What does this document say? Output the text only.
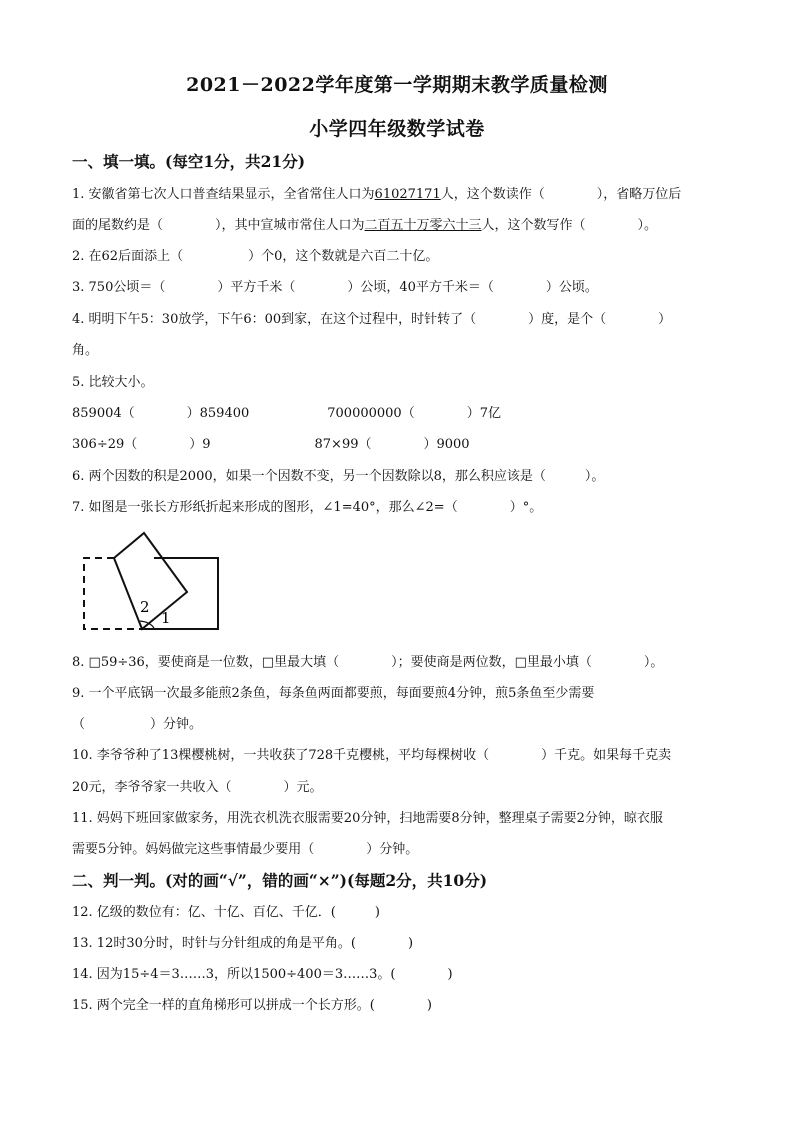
2021－2022学年度第一学期期末教学质量检测
小学四年级数学试卷
一、填一填。(每空1分，共21分)
1. 安徽省第七次人口普查结果显示，全省常住人口为61027171人，这个数读作（　　　　），省略万位后
面的尾数约是（　　　　），其中宣城市常住人口为二百五十万零六十三人，这个数写作（　　　　）。
2. 在62后面添上（　　　　　）个0，这个数就是六百二十亿。
3. 750公顷＝（　　　　）平方千米（　　　　）公顷，40平方千米＝（　　　　）公顷。
4. 明明下午5：30放学，下午6：00到家，在这个过程中，时针转了（　　　　）度，是个（　　　　）
角。
5. 比较大小。
859004（　　　　）859400　　　　　　700000000（　　　　）7亿
306÷29（　　　　）9　　　　　　　　87×99（　　　　）9000
6. 两个因数的积是2000，如果一个因数不变，另一个因数除以8，那么积应该是（　　　）。
7. 如图是一张长方形纸折起来形成的图形，∠1=40°，那么∠2=（　　　　）°。
2
1
8. □59÷36，要使商是一位数，□里最大填（　　　　）；要使商是两位数，□里最小填（　　　　）。
9. 一个平底锅一次最多能煎2条鱼，每条鱼两面都要煎，每面要煎4分钟，煎5条鱼至少需要
（　　　　　）分钟。
10. 李爷爷种了13棵樱桃树，一共收获了728千克樱桃，平均每棵树收（　　　　）千克。如果每千克卖
20元，李爷爷家一共收入（　　　　）元。
11. 妈妈下班回家做家务，用洗衣机洗衣服需要20分钟，扫地需要8分钟，整理桌子需要2分钟，晾衣服
需要5分钟。妈妈做完这些事情最少要用（　　　　）分钟。
二、判一判。(对的画“√”，错的画“×”)(每题2分，共10分)
12. 亿级的数位有：亿、十亿、百亿、千亿．(　　　)
13. 12时30分时，时针与分针组成的角是平角。(　　　　)
14. 因为15÷4＝3……3，所以1500÷400＝3……3。(　　　　)
15. 两个完全一样的直角梯形可以拼成一个长方形。(　　　　)
